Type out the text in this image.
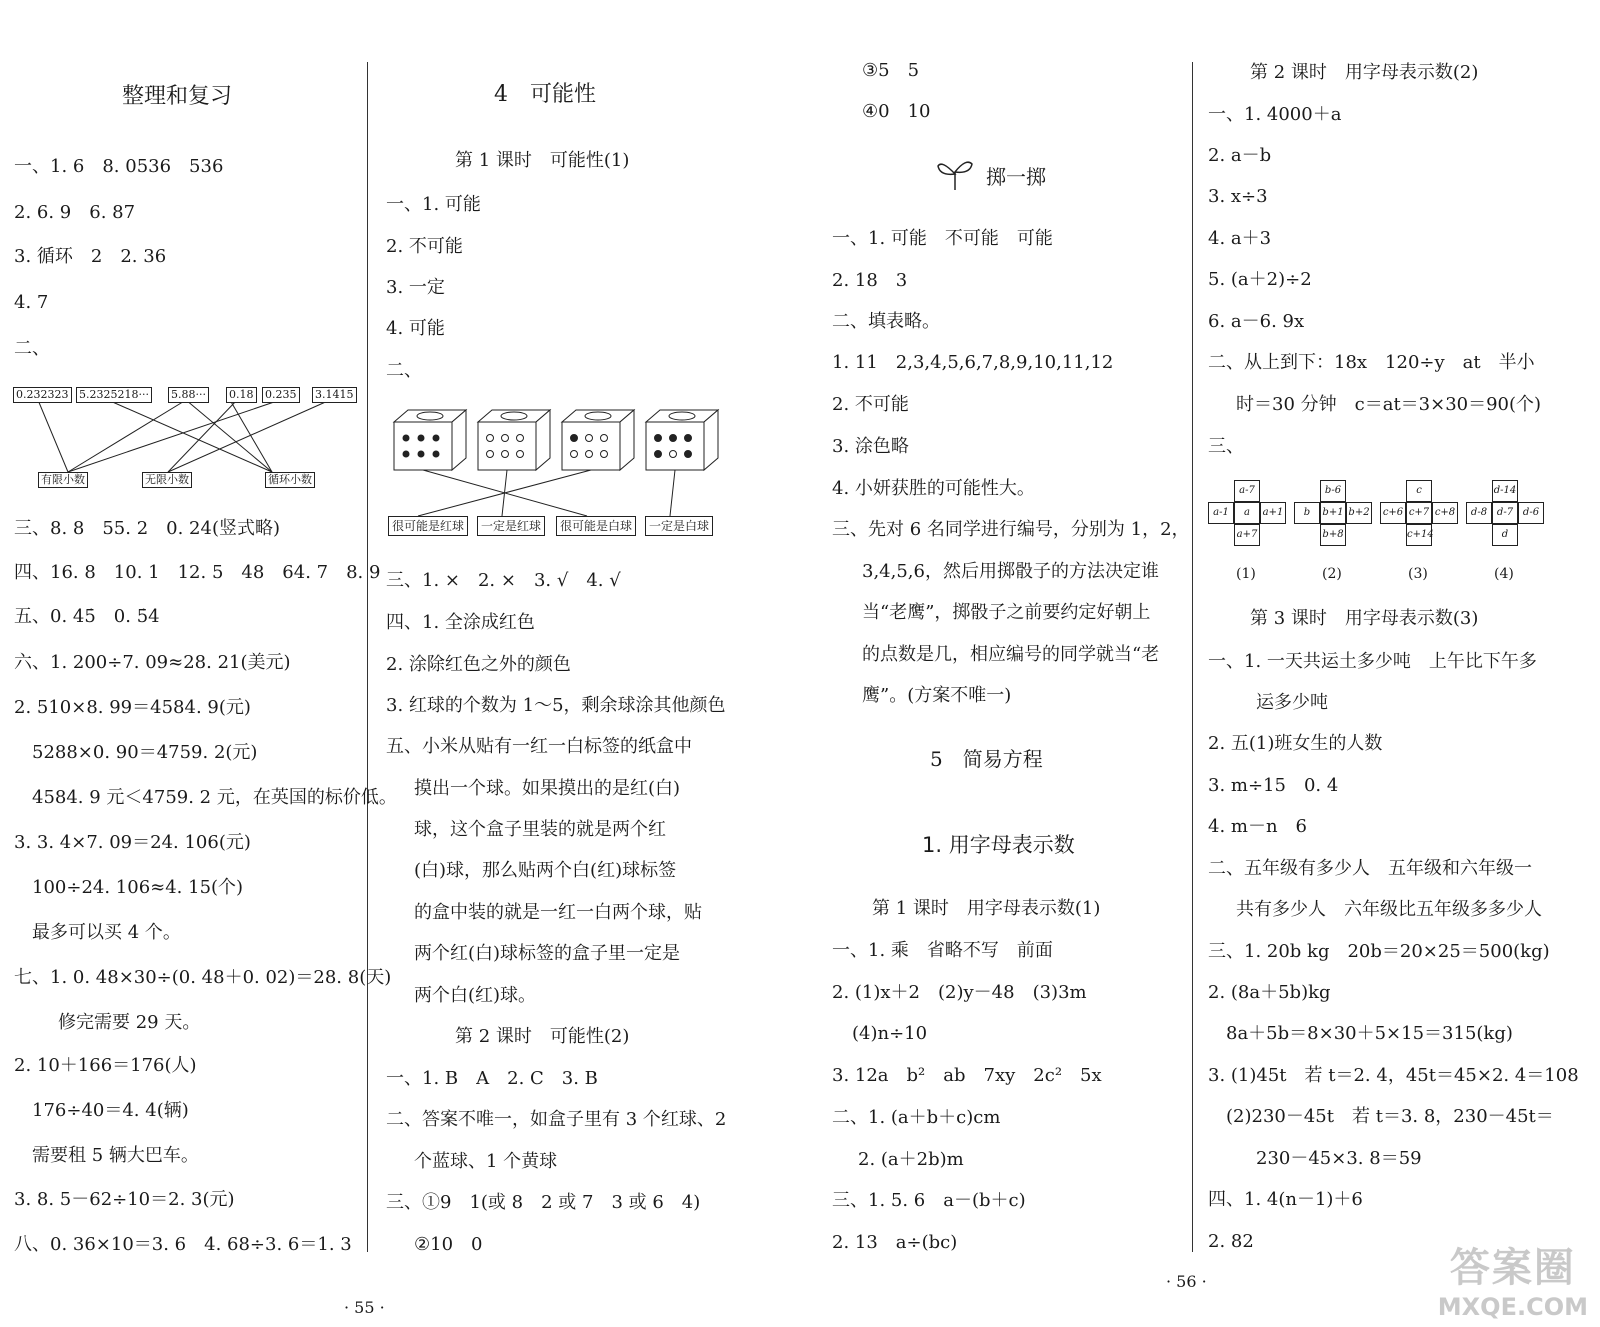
整理和复习
一、1. 6　8. 0536　536
2. 6. 9　6. 87
3. 循环　2　2. 36
4. 7
二、
0.232323 5.2325218··· 5.88··· 0.18 0.235 3.1415
有限小数	无限小数	循环小数
三、8. 8　55. 2　0. 24(竖式略)
四、16. 8　10. 1　12. 5　48　64. 7　8. 9
五、0. 45̇　0. 5̇4̇
六、1. 200÷7. 09≈28. 21(美元)
2. 510×8. 99＝4584. 9(元)
5288×0. 90＝4759. 2(元)
4584. 9 元＜4759. 2 元，在英国的标价低。
3. 3. 4×7. 09＝24. 106(元)
100÷24. 106≈4. 15(个)
最多可以买 4 个。
七、1. 0. 48×30÷(0. 48＋0. 02)＝28. 8(天)
修完需要 29 天。
2. 10＋166＝176(人)
176÷40＝4. 4(辆)
需要租 5 辆大巴车。
3. 8. 5－62÷10＝2. 3(元)
八、0. 36×10＝3. 6　4. 68÷3. 6＝1. 3
4　可能性
第 1 课时　可能性(1)
一、1. 可能
2. 不可能
3. 一定
4. 可能
二、
很可能是红球	一定是红球	很可能是白球	一定是白球
三、1. ×　2. ×　3. √　4. √
四、1. 全涂成红色
2. 涂除红色之外的颜色
3. 红球的个数为 1～5，剩余球涂其他颜色
五、小米从贴有一红一白标签的纸盒中
摸出一个球。如果摸出的是红(白)
球，这个盒子里装的就是两个红
(白)球，那么贴两个白(红)球标签
的盒中装的就是一红一白两个球，贴
两个红(白)球标签的盒子里一定是
两个白(红)球。
第 2 课时　可能性(2)
一、1. B　A　2. C　3. B
二、答案不唯一，如盒子里有 3 个红球、2
个蓝球、1 个黄球
三、①9　1(或 8　2 或 7　3 或 6　4)
②10　0
③5　5
④0　10
掷一掷
一、1. 可能　不可能　可能
2. 18　3
二、填表略。
1. 11　2,3,4,5,6,7,8,9,10,11,12
2. 不可能
3. 涂色略
4. 小妍获胜的可能性大。
三、先对 6 名同学进行编号，分别为 1，2，
3,4,5,6，然后用掷骰子的方法决定谁
当“老鹰”，掷骰子之前要约定好朝上
的点数是几，相应编号的同学就当“老
鹰”。(方案不唯一)
5　简易方程
1. 用字母表示数
第 1 课时　用字母表示数(1)
一、1. 乘　省略不写　前面
2. (1)x＋2　(2)y－48　(3)3m
(4)n÷10
3. 12a　b²　ab　7xy　2c²　5x
二、1. (a＋b＋c)cm
2. (a＋2b)m
三、1. 5. 6　a－(b＋c)
2. 13　a÷(bc)
第 2 课时　用字母表示数(2)
一、1. 4000＋a
2. a－b
3. x÷3
4. a＋3
5. (a＋2)÷2
6. a－6. 9x
二、从上到下：18x　120÷y　at　半小
时＝30 分钟　c＝at＝3×30＝90(个)
三、
a-7
a-1	a	a+1
a+7
(1)
b-6
b	b+1 b+2
b+8
(2)
c
c+6 c+7 c+8
c+14
(3)
d-14
d-8 d-7 d-6
d
(4)
第 3 课时　用字母表示数(3)
一、1. 一天共运土多少吨　上午比下午多
运多少吨
2. 五(1)班女生的人数
3. m÷15　0. 4
4. m－n　6
二、五年级有多少人　五年级和六年级一
共有多少人　六年级比五年级多多少人
三、1. 20b kg　20b＝20×25＝500(kg)
2. (8a＋5b)kg
8a＋5b＝8×30＋5×15＝315(kg)
3. (1)45t　若 t＝2. 4，45t＝45×2. 4＝108
(2)230－45t　若 t＝3. 8，230－45t＝
230－45×3. 8＝59
四、1. 4(n－1)＋6
2. 82
· 55 ·
· 56 ·	答案圈
MXQE.COM
